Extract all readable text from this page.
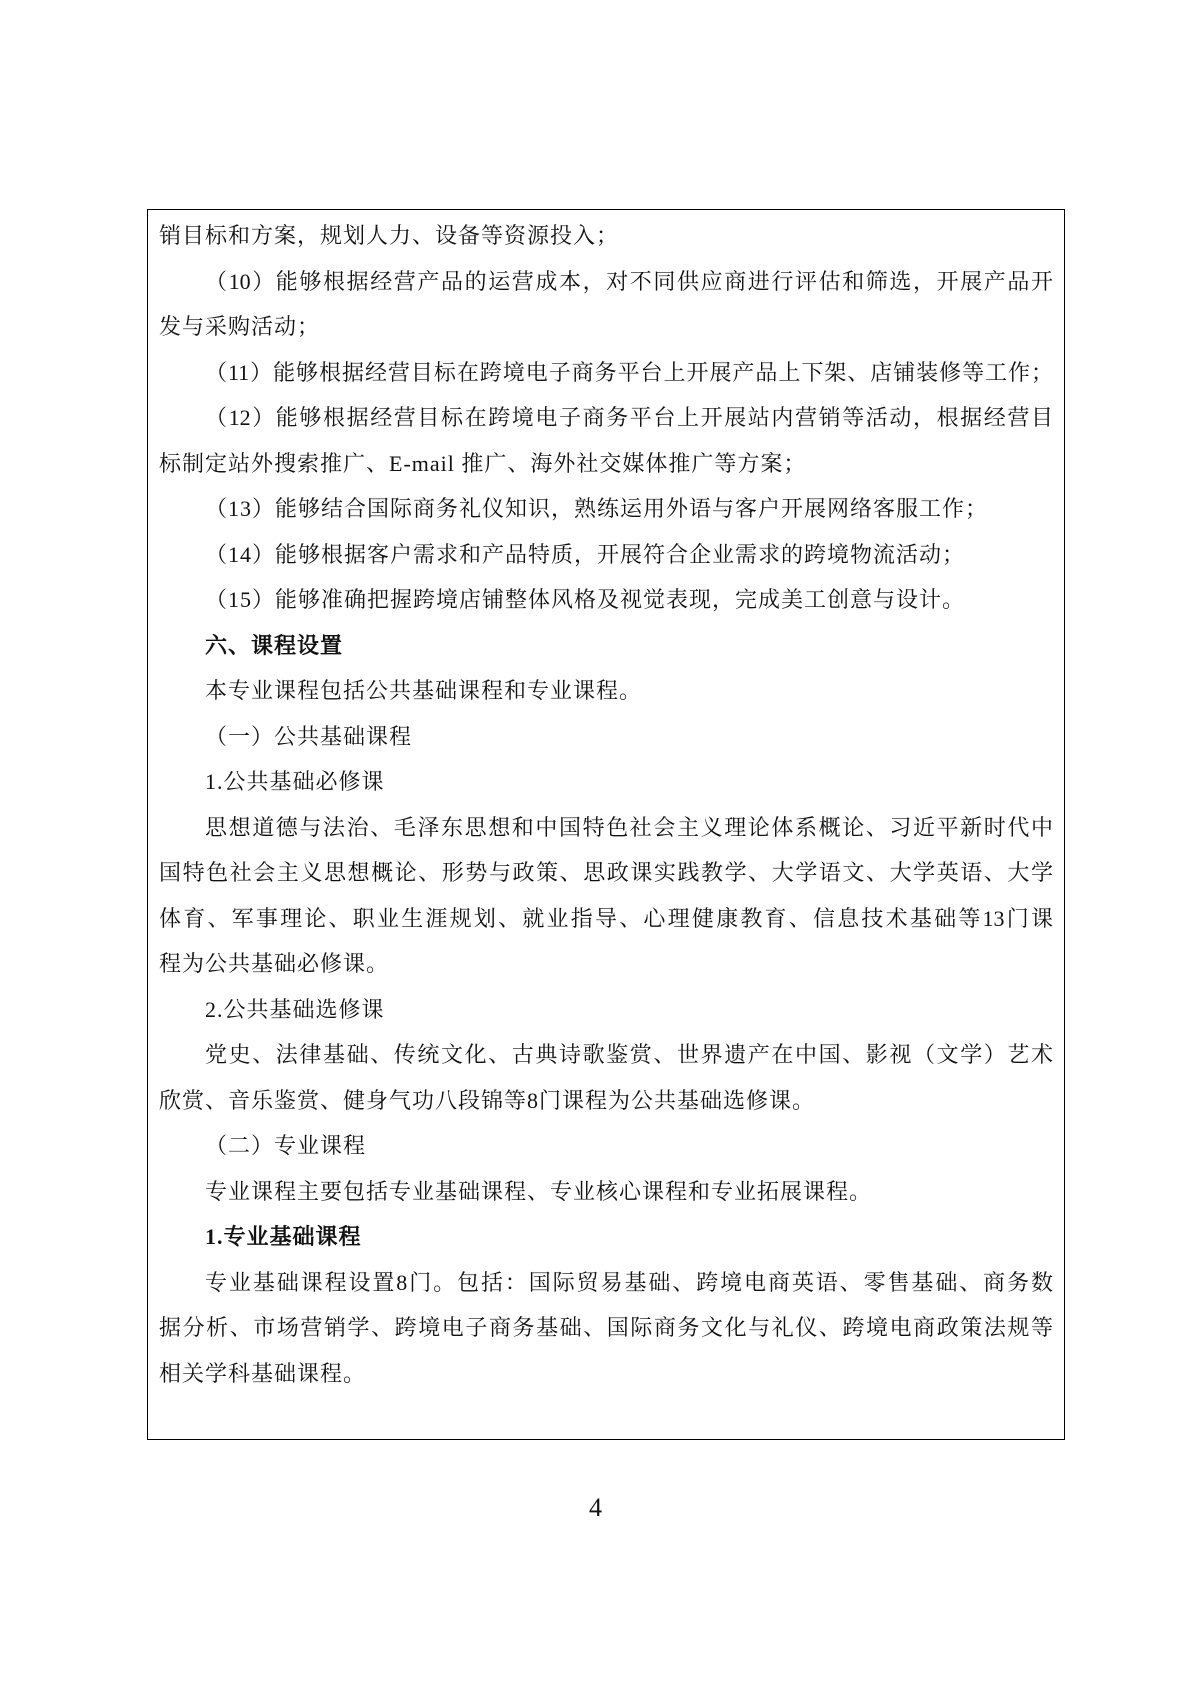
销目标和方案，规划人力、设备等资源投入；
（10）能够根据经营产品的运营成本，对不同供应商进行评估和筛选，开展产品开
发与采购活动；
（11）能够根据经营目标在跨境电子商务平台上开展产品上下架、店铺装修等工作；
（12）能够根据经营目标在跨境电子商务平台上开展站内营销等活动，根据经营目
标制定站外搜索推广、E-mail 推广、海外社交媒体推广等方案；
（13）能够结合国际商务礼仪知识，熟练运用外语与客户开展网络客服工作；
（14）能够根据客户需求和产品特质，开展符合企业需求的跨境物流活动；
（15）能够准确把握跨境店铺整体风格及视觉表现，完成美工创意与设计。
六、课程设置
本专业课程包括公共基础课程和专业课程。
（一）公共基础课程
1.公共基础必修课
思想道德与法治、毛泽东思想和中国特色社会主义理论体系概论、习近平新时代中
国特色社会主义思想概论、形势与政策、思政课实践教学、大学语文、大学英语、大学
体育、军事理论、职业生涯规划、就业指导、心理健康教育、信息技术基础等13门课
程为公共基础必修课。
2.公共基础选修课
党史、法律基础、传统文化、古典诗歌鉴赏、世界遗产在中国、影视（文学）艺术
欣赏、音乐鉴赏、健身气功八段锦等8门课程为公共基础选修课。
（二）专业课程
专业课程主要包括专业基础课程、专业核心课程和专业拓展课程。
1.专业基础课程
专业基础课程设置8门。包括：国际贸易基础、跨境电商英语、零售基础、商务数
据分析、市场营销学、跨境电子商务基础、国际商务文化与礼仪、跨境电商政策法规等
相关学科基础课程。
4
